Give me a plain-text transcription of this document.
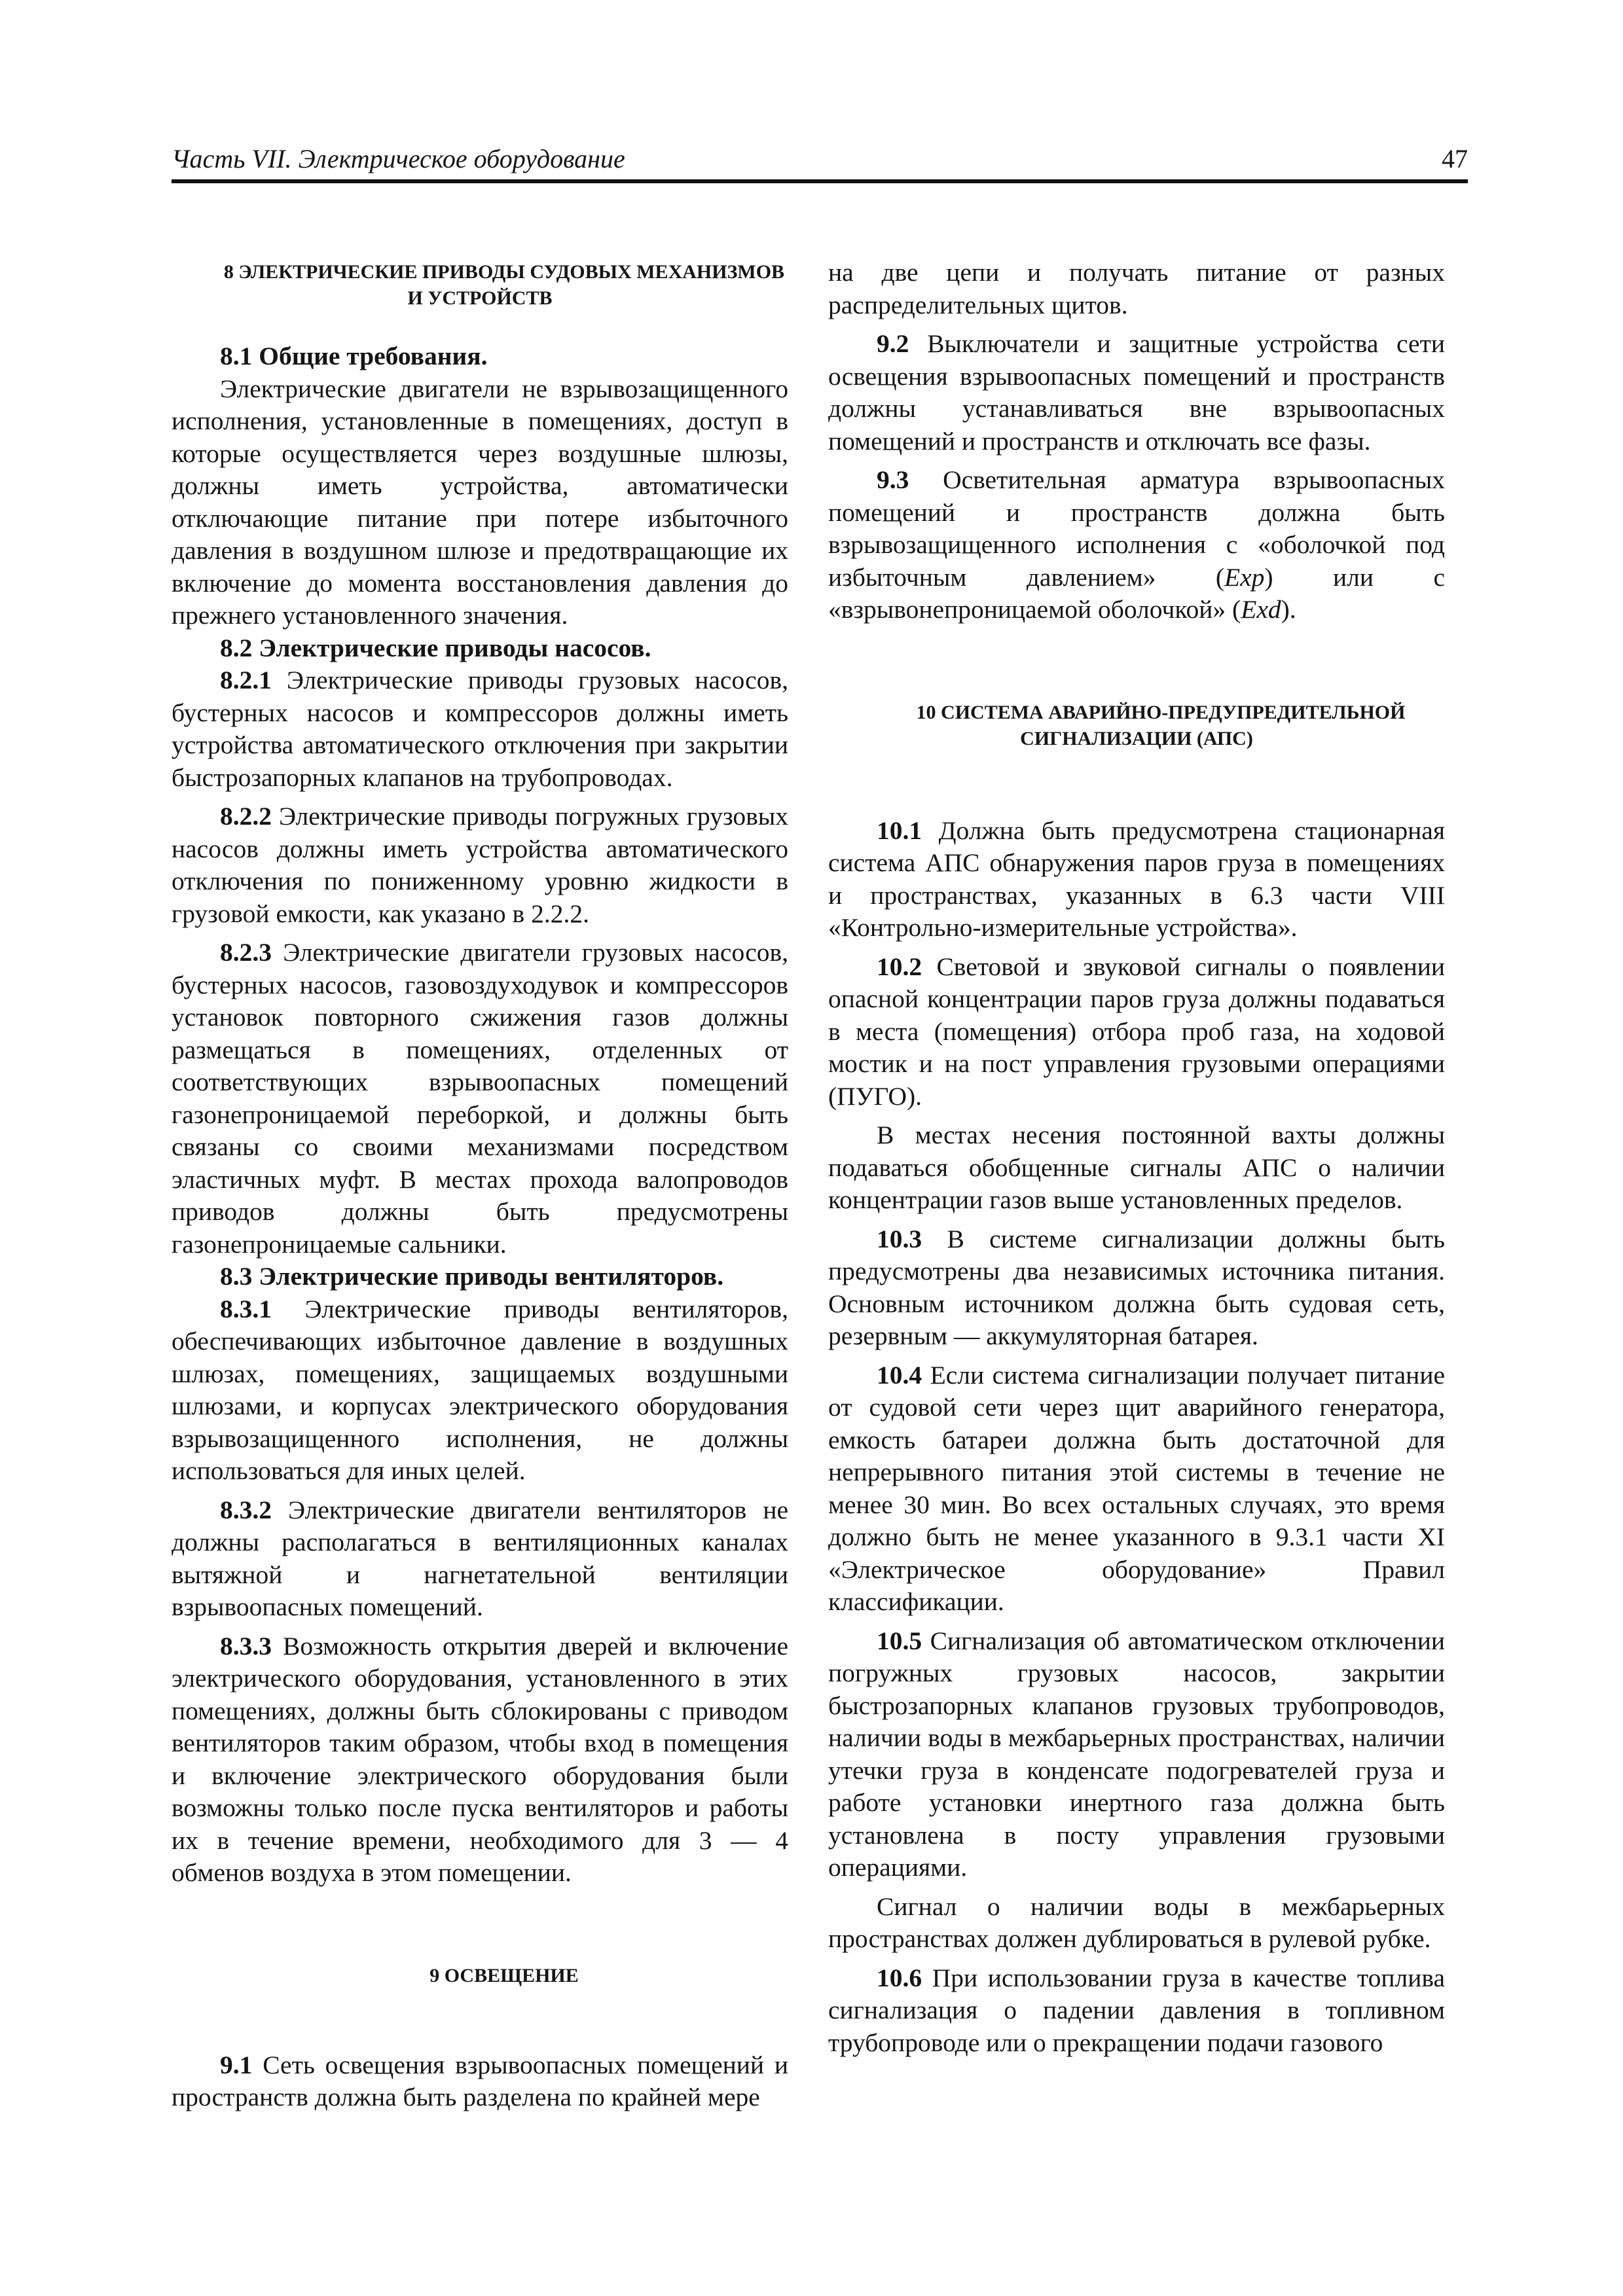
Часть VII. Электрическое оборудование	47

8 ЭЛЕКТРИЧЕСКИЕ ПРИВОДЫ СУДОВЫХ МЕХАНИЗМОВ И УСТРОЙСТВ

8.1 Общие требования.

Электрические двигатели не взрывозащищенного исполнения, установленные в помещениях, доступ в которые осуществляется через воздушные шлюзы, должны иметь устройства, автоматически отключающие питание при потере избыточного давления в воздушном шлюзе и предотвращающие их включение до момента восстановления давления до прежнего установленного значения.

8.2 Электрические приводы насосов.

8.2.1 Электрические приводы грузовых насосов, бустерных насосов и компрессоров должны иметь устройства автоматического отключения при закрытии быстрозапорных клапанов на трубопроводах.

8.2.2 Электрические приводы погружных грузовых насосов должны иметь устройства автоматического отключения по пониженному уровню жидкости в грузовой емкости, как указано в 2.2.2.

8.2.3 Электрические двигатели грузовых насосов, бустерных насосов, газовоздуходувок и компрессоров установок повторного сжижения газов должны размещаться в помещениях, отделенных от соответствующих взрывоопасных помещений газонепроницаемой переборкой, и должны быть связаны со своими механизмами посредством эластичных муфт. В местах прохода валопроводов приводов должны быть предусмотрены газонепроницаемые сальники.

8.3 Электрические приводы вентиляторов.

8.3.1 Электрические приводы вентиляторов, обеспечивающих избыточное давление в воздушных шлюзах, помещениях, защищаемых воздушными шлюзами, и корпусах электрического оборудования взрывозащищенного исполнения, не должны использоваться для иных целей.

8.3.2 Электрические двигатели вентиляторов не должны располагаться в вентиляционных каналах вытяжной и нагнетательной вентиляции взрывоопасных помещений.

8.3.3 Возможность открытия дверей и включение электрического оборудования, установленного в этих помещениях, должны быть сблокированы с приводом вентиляторов таким образом, чтобы вход в помещения и включение электрического оборудования были возможны только после пуска вентиляторов и работы их в течение времени, необходимого для 3 — 4 обменов воздуха в этом помещении.

9 ОСВЕЩЕНИЕ

9.1 Сеть освещения взрывоопасных помещений и пространств должна быть разделена по крайней мере

на две цепи и получать питание от разных распределительных щитов.

9.2 Выключатели и защитные устройства сети освещения взрывоопасных помещений и пространств должны устанавливаться вне взрывоопасных помещений и пространств и отключать все фазы.

9.3 Осветительная арматура взрывоопасных помещений и пространств должна быть взрывозащищенного исполнения с «оболочкой под избыточным давлением» (Exp) или с «взрывонепроницаемой оболочкой» (Exd).

10 СИСТЕМА АВАРИЙНО-ПРЕДУПРЕДИТЕЛЬНОЙ СИГНАЛИЗАЦИИ (АПС)

10.1 Должна быть предусмотрена стационарная система АПС обнаружения паров груза в помещениях и пространствах, указанных в 6.3 части VIII «Контрольно-измерительные устройства».

10.2 Световой и звуковой сигналы о появлении опасной концентрации паров груза должны подаваться в места (помещения) отбора проб газа, на ходовой мостик и на пост управления грузовыми операциями (ПУГО).

В местах несения постоянной вахты должны подаваться обобщенные сигналы АПС о наличии концентрации газов выше установленных пределов.

10.3 В системе сигнализации должны быть предусмотрены два независимых источника питания. Основным источником должна быть судовая сеть, резервным — аккумуляторная батарея.

10.4 Если система сигнализации получает питание от судовой сети через щит аварийного генератора, емкость батареи должна быть достаточной для непрерывного питания этой системы в течение не менее 30 мин. Во всех остальных случаях, это время должно быть не менее указанного в 9.3.1 части XI «Электрическое оборудование» Правил классификации.

10.5 Сигнализация об автоматическом отключении погружных грузовых насосов, закрытии быстрозапорных клапанов грузовых трубопроводов, наличии воды в межбарьерных пространствах, наличии утечки груза в конденсате подогревателей груза и работе установки инертного газа должна быть установлена в посту управления грузовыми операциями.

Сигнал о наличии воды в межбарьерных пространствах должен дублироваться в рулевой рубке.

10.6 При использовании груза в качестве топлива сигнализация о падении давления в топливном трубопроводе или о прекращении подачи газового
